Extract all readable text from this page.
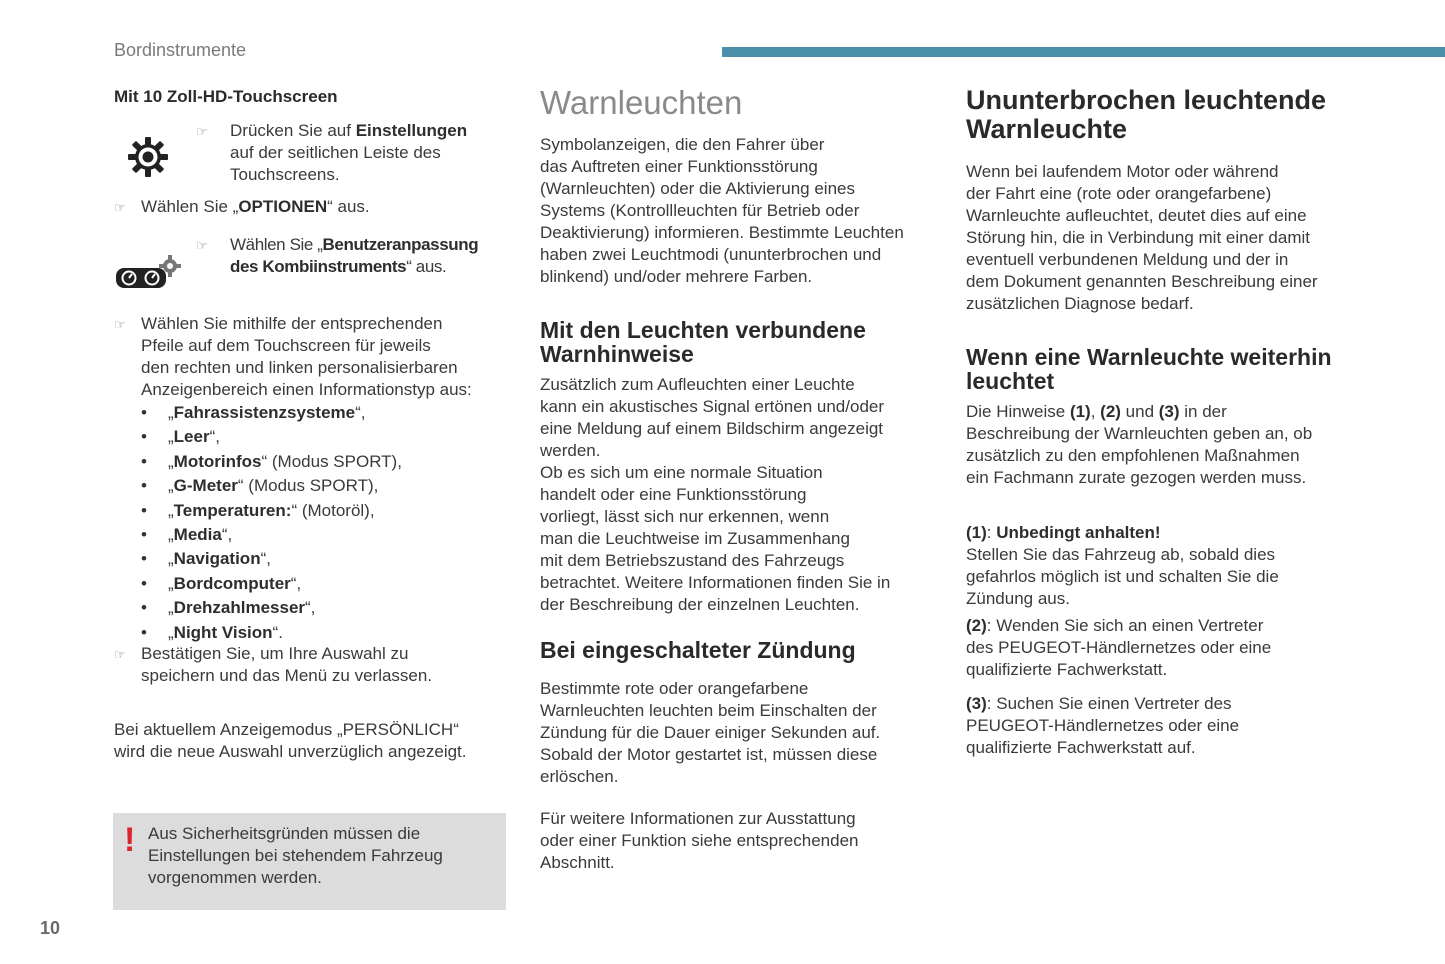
Bordinstrumente
Mit 10 Zoll-HD-Touchscreen
☞ Drücken Sie auf Einstellungen
auf der seitlichen Leiste des
Touchscreens.
☞ Wählen Sie „OPTIONEN“ aus.
☞ Wählen Sie „Benutzeranpassung
des Kombiinstruments“ aus.
☞ Wählen Sie mithilfe der entsprechenden
Pfeile auf dem Touchscreen für jeweils
den rechten und linken personalisierbaren
Anzeigenbereich einen Informationstyp aus:
• „Fahrassistenzsysteme“,
• „Leer“,
• „Motorinfos“ (Modus SPORT),
• „G-Meter“ (Modus SPORT),
• „Temperaturen:“ (Motoröl),
• „Media“,
• „Navigation“,
• „Bordcomputer“,
• „Drehzahlmesser“,
• „Night Vision“.
☞ Bestätigen Sie, um Ihre Auswahl zu
speichern und das Menü zu verlassen.
Bei aktuellem Anzeigemodus „PERSÖNLICH“
wird die neue Auswahl unverzüglich angezeigt.
! Aus Sicherheitsgründen müssen die
Einstellungen bei stehendem Fahrzeug
vorgenommen werden.
Warnleuchten
Symbolanzeigen, die den Fahrer über
das Auftreten einer Funktionsstörung
(Warnleuchten) oder die Aktivierung eines
Systems (Kontrollleuchten für Betrieb oder
Deaktivierung) informieren. Bestimmte Leuchten
haben zwei Leuchtmodi (ununterbrochen und
blinkend) und/oder mehrere Farben.
Mit den Leuchten verbundene
Warnhinweise
Zusätzlich zum Aufleuchten einer Leuchte
kann ein akustisches Signal ertönen und/oder
eine Meldung auf einem Bildschirm angezeigt
werden.
Ob es sich um eine normale Situation
handelt oder eine Funktionsstörung
vorliegt, lässt sich nur erkennen, wenn
man die Leuchtweise im Zusammenhang
mit dem Betriebszustand des Fahrzeugs
betrachtet. Weitere Informationen finden Sie in
der Beschreibung der einzelnen Leuchten.
Bei eingeschalteter Zündung
Bestimmte rote oder orangefarbene
Warnleuchten leuchten beim Einschalten der
Zündung für die Dauer einiger Sekunden auf.
Sobald der Motor gestartet ist, müssen diese
erlöschen.
Für weitere Informationen zur Ausstattung
oder einer Funktion siehe entsprechenden
Abschnitt.
Ununterbrochen leuchtende
Warnleuchte
Wenn bei laufendem Motor oder während
der Fahrt eine (rote oder orangefarbene)
Warnleuchte aufleuchtet, deutet dies auf eine
Störung hin, die in Verbindung mit einer damit
eventuell verbundenen Meldung und der in
dem Dokument genannten Beschreibung einer
zusätzlichen Diagnose bedarf.
Wenn eine Warnleuchte weiterhin
leuchtet
Die Hinweise (1), (2) und (3) in der
Beschreibung der Warnleuchten geben an, ob
zusätzlich zu den empfohlenen Maßnahmen
ein Fachmann zurate gezogen werden muss.
(1): Unbedingt anhalten!
Stellen Sie das Fahrzeug ab, sobald dies
gefahrlos möglich ist und schalten Sie die
Zündung aus.
(2): Wenden Sie sich an einen Vertreter
des PEUGEOT-Händlernetzes oder eine
qualifizierte Fachwerkstatt.
(3): Suchen Sie einen Vertreter des
PEUGEOT-Händlernetzes oder eine
qualifizierte Fachwerkstatt auf.
10
